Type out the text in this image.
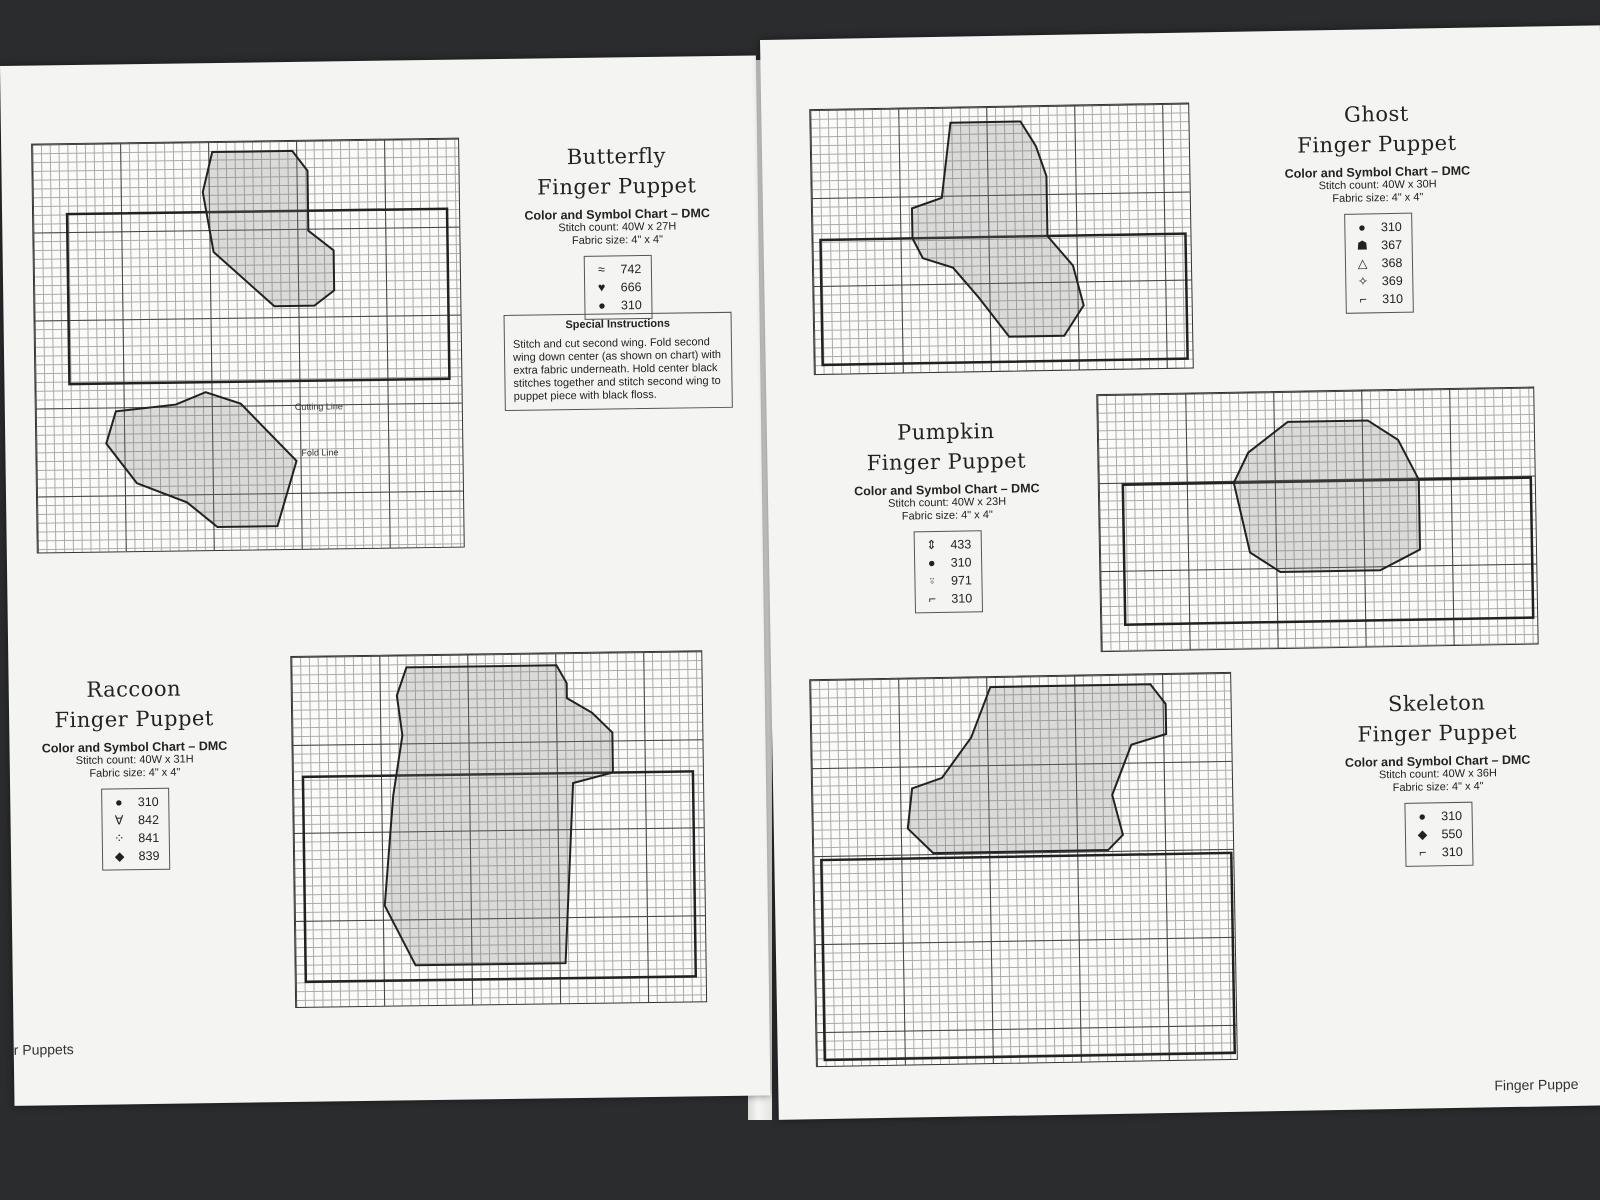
Cutting Line
Fold Line
Butterfly
Finger Puppet
Color and Symbol Chart – DMC
Stitch count: 40W x 27H
Fabric size: 4" x 4"
≈ 742
♥ 666
● 310
Special Instructions
Stitch and cut second wing. Fold second wing down center (as shown on chart) with extra fabric underneath. Hold center black stitches together and stitch second wing to puppet piece with black floss.
Raccoon
Finger Puppet
Color and Symbol Chart – DMC
Stitch count: 40W x 31H
Fabric size: 4" x 4"
● 310
∀ 842
⁘ 841
◆ 839
r Puppets
Ghost
Finger Puppet
Color and Symbol Chart – DMC
Stitch count: 40W x 30H
Fabric size: 4" x 4"
● 310
☗ 367
△ 368
✧ 369
⌐ 310
Pumpkin
Finger Puppet
Color and Symbol Chart – DMC
Stitch count: 40W x 23H
Fabric size: 4" x 4"
⇕ 433
● 310
⍤ 971
⌐ 310
Skeleton
Finger Puppet
Color and Symbol Chart – DMC
Stitch count: 40W x 36H
Fabric size: 4" x 4"
● 310
◆ 550
⌐ 310
Finger Puppe
